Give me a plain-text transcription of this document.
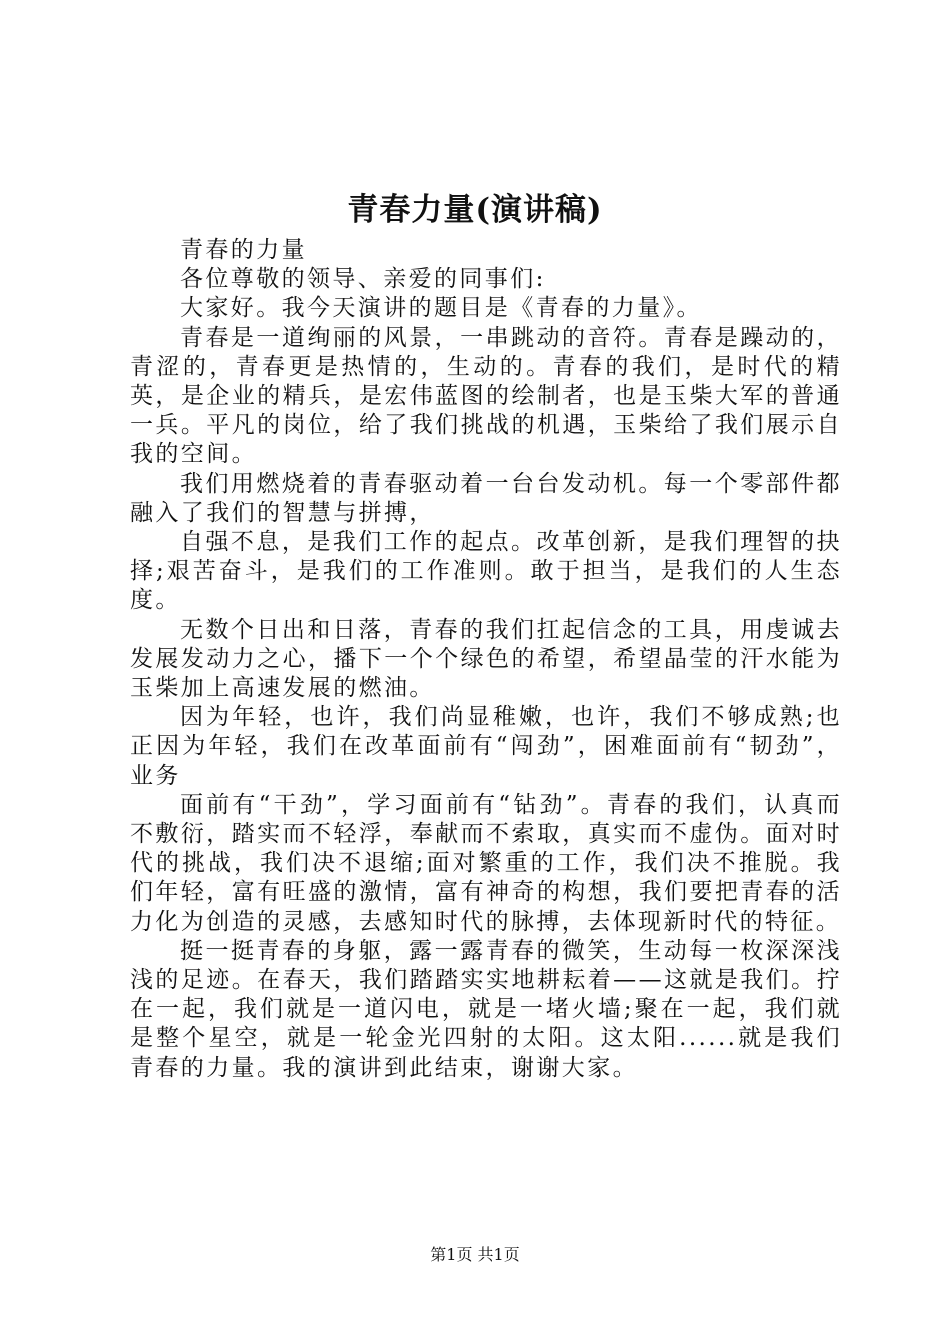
青春力量(演讲稿)

青春的力量

各位尊敬的领导、亲爱的同事们:

大家好。我今天演讲的题目是《青春的力量》。

青春是一道绚丽的风景，一串跳动的音符。青春是躁动的，青涩的，青春更是热情的，生动的。青春的我们，是时代的精英，是企业的精兵，是宏伟蓝图的绘制者，也是玉柴大军的普通一兵。平凡的岗位，给了我们挑战的机遇，玉柴给了我们展示自我的空间。

我们用燃烧着的青春驱动着一台台发动机。每一个零部件都融入了我们的智慧与拼搏，

自强不息，是我们工作的起点。改革创新，是我们理智的抉择;艰苦奋斗，是我们的工作准则。敢于担当，是我们的人生态度。

无数个日出和日落，青春的我们扛起信念的工具，用虔诚去发展发动力之心，播下一个个绿色的希望，希望晶莹的汗水能为玉柴加上高速发展的燃油。

因为年轻，也许，我们尚显稚嫩，也许，我们不够成熟;也正因为年轻，我们在改革面前有“闯劲”，困难面前有“韧劲”，业务

面前有“干劲”，学习面前有“钻劲”。青春的我们，认真而不敷衍，踏实而不轻浮，奉献而不索取，真实而不虚伪。面对时代的挑战，我们决不退缩;面对繁重的工作，我们决不推脱。我们年轻，富有旺盛的激情，富有神奇的构想，我们要把青春的活力化为创造的灵感，去感知时代的脉搏，去体现新时代的特征。

挺一挺青春的身躯，露一露青春的微笑，生动每一枚深深浅浅的足迹。在春天，我们踏踏实实地耕耘着——这就是我们。拧在一起，我们就是一道闪电，就是一堵火墙;聚在一起，我们就是整个星空，就是一轮金光四射的太阳。这太阳......就是我们青春的力量。我的演讲到此结束，谢谢大家。

第1页 共1页
